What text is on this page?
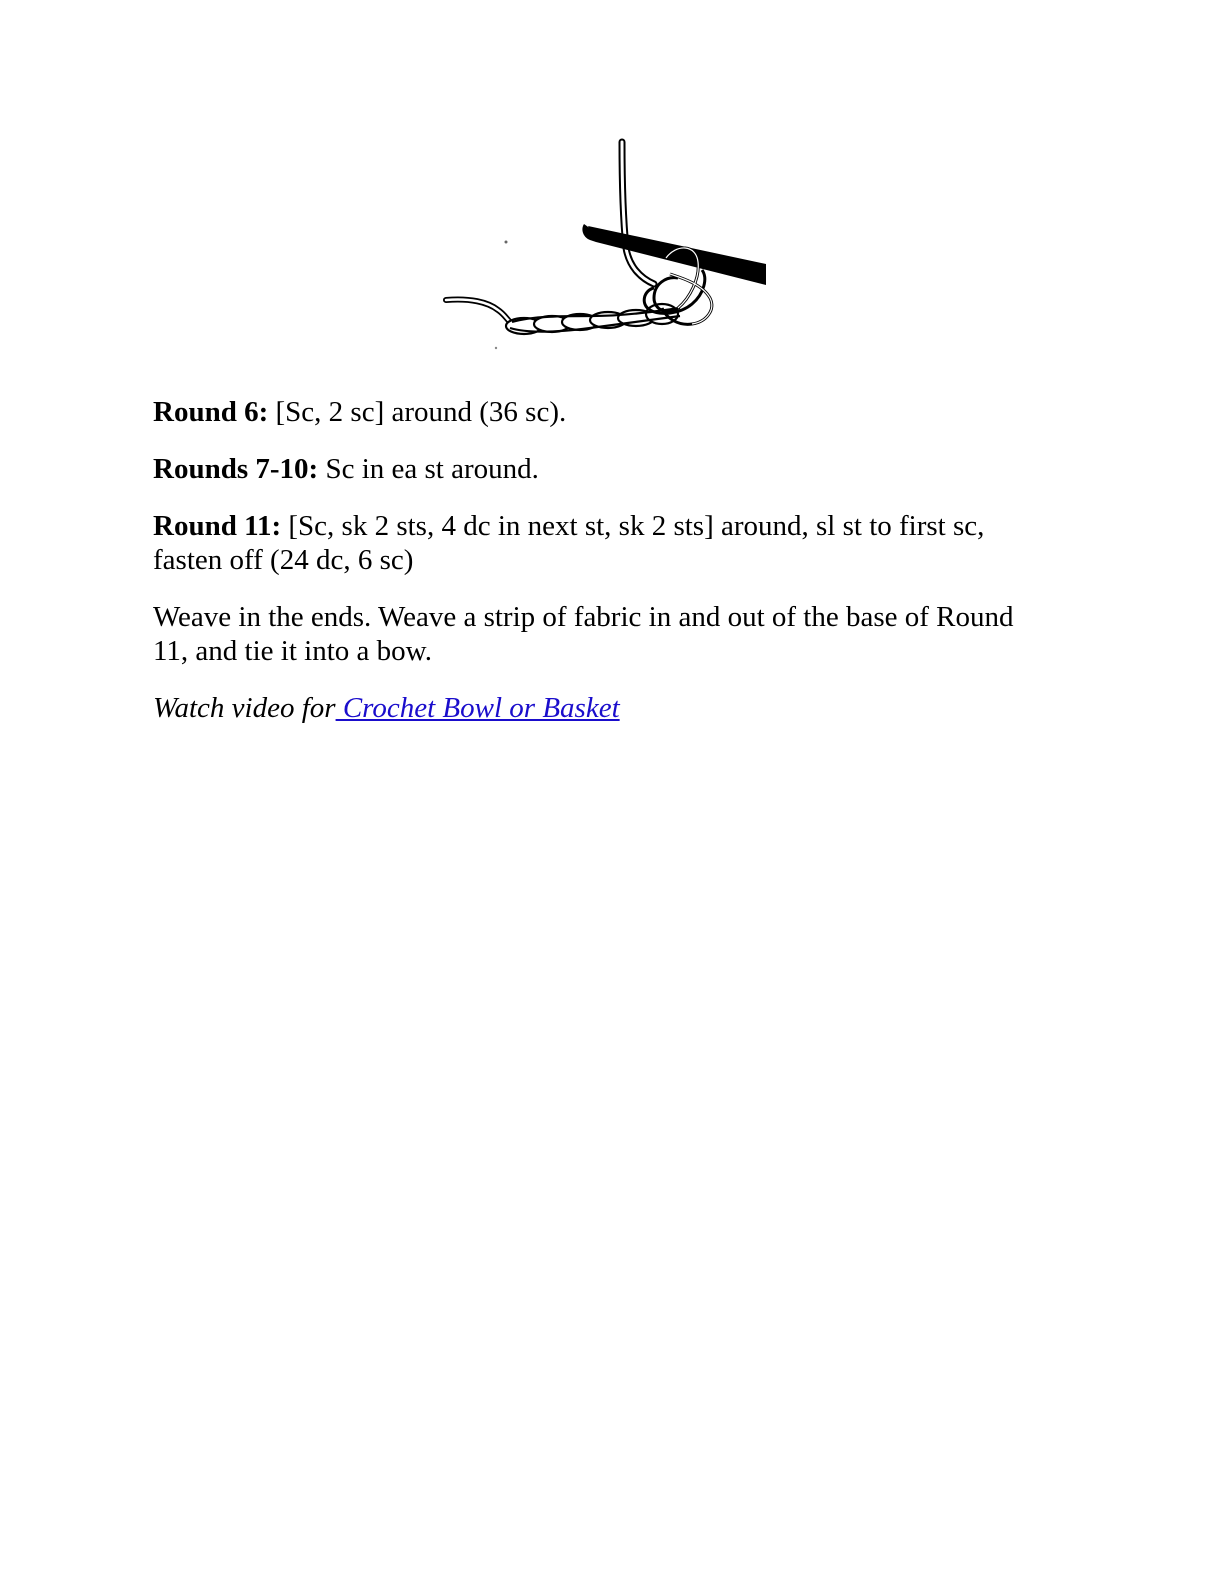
Round 6: [Sc, 2 sc] around (36 sc).

Rounds 7-10: Sc in ea st around.

Round 11: [Sc, sk 2 sts, 4 dc in next st, sk 2 sts] around, sl st to first sc, fasten off (24 dc, 6 sc)

Weave in the ends. Weave a strip of fabric in and out of the base of Round 11, and tie it into a bow.

Watch video for Crochet Bowl or Basket
